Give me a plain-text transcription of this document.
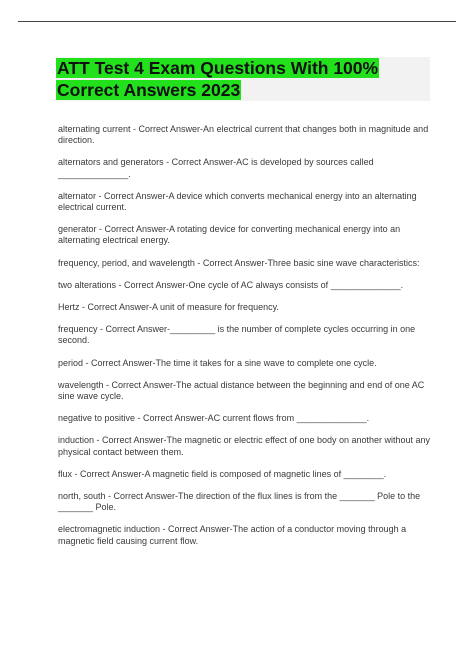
ATT Test 4 Exam Questions With 100% Correct Answers 2023
alternating current - Correct Answer-An electrical current that changes both in magnitude and direction.
alternators and generators - Correct Answer-AC is developed by sources called ______________.
alternator - Correct Answer-A device which converts mechanical energy into an alternating electrical current.
generator - Correct Answer-A rotating device for converting mechanical energy into an alternating electrical energy.
frequency, period, and wavelength - Correct Answer-Three basic sine wave characteristics:
two alterations - Correct Answer-One cycle of AC always consists of ______________.
Hertz - Correct Answer-A unit of measure for frequency.
frequency - Correct Answer-_________ is the number of complete cycles occurring in one second.
period - Correct Answer-The time it takes for a sine wave to complete one cycle.
wavelength - Correct Answer-The actual distance between the beginning and end of one AC sine wave cycle.
negative to positive - Correct Answer-AC current flows from ______________.
induction - Correct Answer-The magnetic or electric effect of one body on another without any physical contact between them.
flux - Correct Answer-A magnetic field is composed of magnetic lines of ________.
north, south - Correct Answer-The direction of the flux lines is from the _______ Pole to the _______ Pole.
electromagnetic induction - Correct Answer-The action of a conductor moving through a magnetic field causing current flow.
